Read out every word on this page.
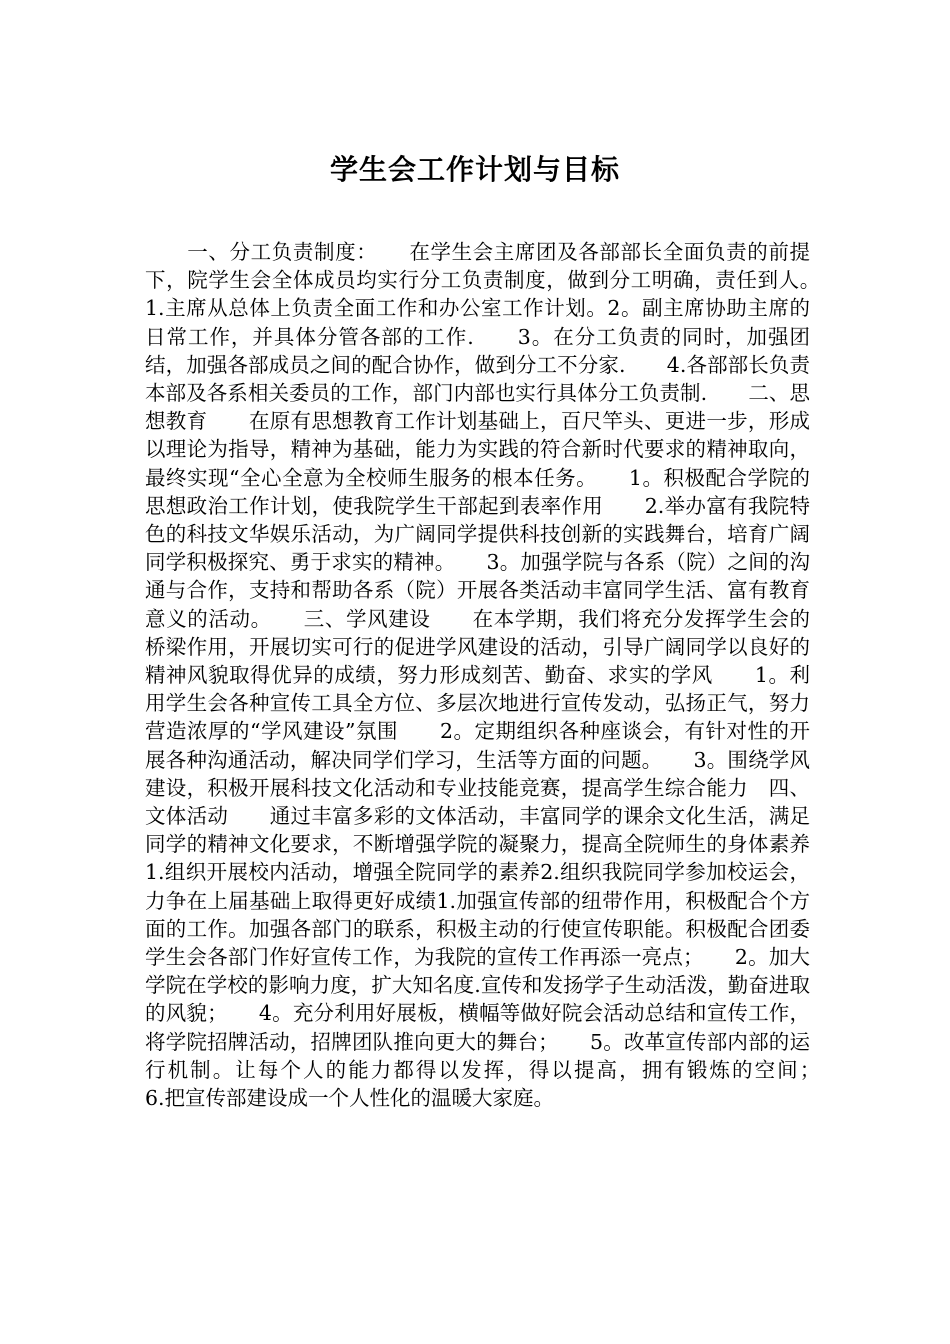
学生会工作计划与目标

　　一、分工负责制度：　　在学生会主席团及各部部长全面负责的前提下，院学生会全体成员均实行分工负责制度，做到分工明确，责任到人。　　1.主席从总体上负责全面工作和办公室工作计划。2。副主席协助主席的日常工作，并具体分管各部的工作.　　3。在分工负责的同时，加强团结，加强各部成员之间的配合协作，做到分工不分家.　　4.各部部长负责本部及各系相关委员的工作，部门内部也实行具体分工负责制.　　二、思想教育　　在原有思想教育工作计划基础上，百尺竿头、更进一步，形成以理论为指导，精神为基础，能力为实践的符合新时代要求的精神取向，最终实现“全心全意为全校师生服务的根本任务。　　1。积极配合学院的思想政治工作计划，使我院学生干部起到表率作用　　2.举办富有我院特色的科技文华娱乐活动，为广阔同学提供科技创新的实践舞台，培育广阔同学积极探究、勇于求实的精神。　　3。加强学院与各系（院）之间的沟通与合作，支持和帮助各系（院）开展各类活动丰富同学生活、富有教育意义的活动。　　三、学风建设　　在本学期，我们将充分发挥学生会的桥梁作用，开展切实可行的促进学风建设的活动，引导广阔同学以良好的精神风貌取得优异的成绩，努力形成刻苦、勤奋、求实的学风　　1。利用学生会各种宣传工具全方位、多层次地进行宣传发动，弘扬正气，努力营造浓厚的“学风建设”氛围　　2。定期组织各种座谈会，有针对性的开展各种沟通活动，解决同学们学习，生活等方面的问题。　　3。围绕学风建设，积极开展科技文化活动和专业技能竞赛，提高学生综合能力　四、文体活动　　通过丰富多彩的文体活动，丰富同学的课余文化生活，满足同学的精神文化要求，不断增强学院的凝聚力，提高全院师生的身体素养　　1.组织开展校内活动，增强全院同学的素养2.组织我院同学参加校运会，力争在上届基础上取得更好成绩1.加强宣传部的纽带作用，积极配合个方面的工作。加强各部门的联系，积极主动的行使宣传职能。积极配合团委学生会各部门作好宣传工作，为我院的宣传工作再添一亮点；　　2。加大学院在学校的影响力度，扩大知名度.宣传和发扬学子生动活泼，勤奋进取的风貌；　　4。充分利用好展板，横幅等做好院会活动总结和宣传工作，将学院招牌活动，招牌团队推向更大的舞台；　　5。改革宣传部内部的运行机制。让每个人的能力都得以发挥，得以提高，拥有锻炼的空间；　　6.把宣传部建设成一个人性化的温暖大家庭。
